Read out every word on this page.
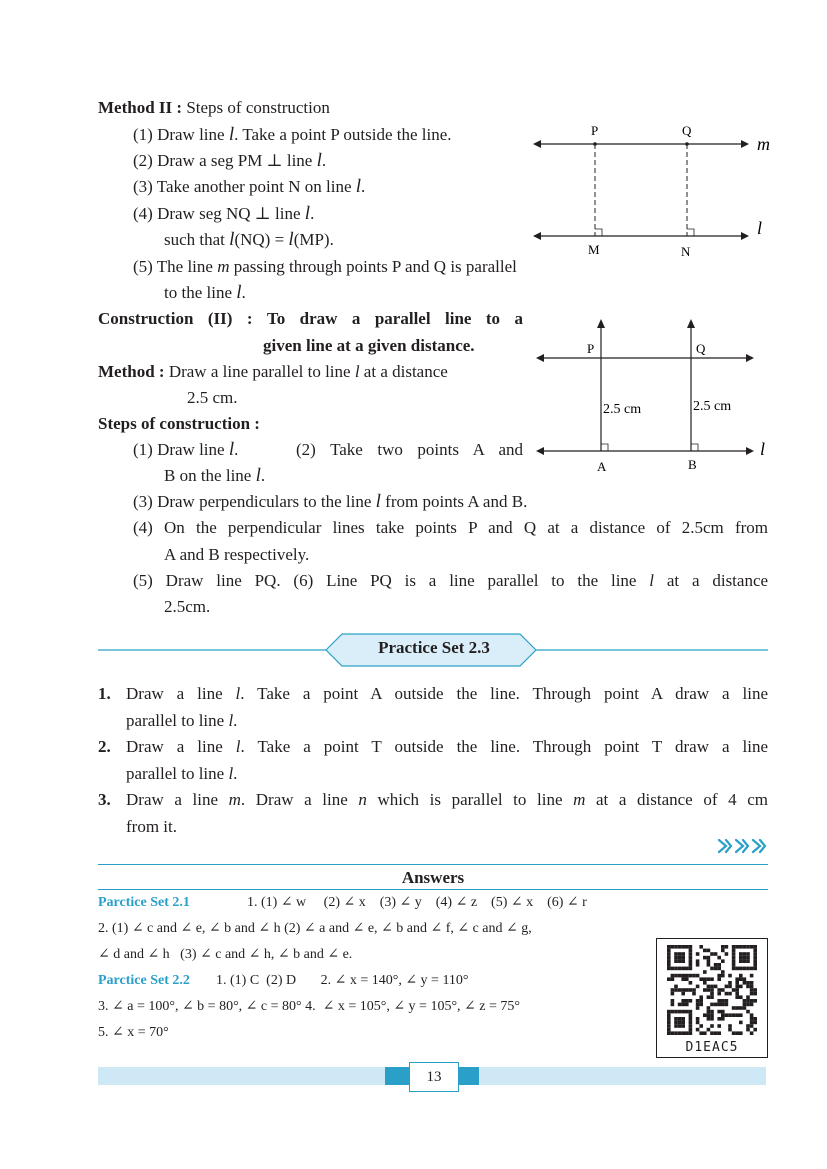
Method II : Steps of construction
(1) Draw line l. Take a point P outside the line.
(2) Draw a seg PM ⊥ line l.
(3) Take another point N on line l.
(4) Draw seg NQ ⊥ line l.
such that l(NQ) = l(MP).
(5) The line m passing through points P and Q is parallel
to the line l.
P	Q
M	N
m
l
Construction (II) : To draw a parallel line to a
given line at a given distance.
Method : Draw a line parallel to line l at a distance
2.5 cm.
Steps of construction :
(1) Draw line l.	(2) Take two points A and
B on the line l.
(3) Draw perpendiculars to the line l from points A and B.
(4) On the perpendicular lines take points P and Q at a distance of 2.5cm from
A and B respectively.
(5) Draw line PQ. (6) Line PQ is a line parallel to the line l at a distance
2.5cm.
P	Q
A	B
l
2.5 cm	2.5 cm
Practice Set 2.3
1. Draw a line l. Take a point A outside the line. Through point A draw a line
parallel to line l.
2. Draw a line l. Take a point T outside the line. Through point T draw a line
parallel to line l.
3. Draw a line m. Draw a line n which is parallel to line m at a distance of 4 cm
from it.
Answers
Parctice Set 2.1	1. (1) ∠ w     (2) ∠ x    (3) ∠ y    (4) ∠ z    (5) ∠ x    (6) ∠ r
2. (1) ∠ c and ∠ e, ∠ b and ∠ h (2) ∠ a and ∠ e, ∠ b and ∠ f, ∠ c and ∠ g,
∠ d and ∠ h   (3) ∠ c and ∠ h, ∠ b and ∠ e.
Parctice Set 2.2 1. (1) C  (2) D       2. ∠ x = 140°, ∠ y = 110°
3. ∠ a = 100°, ∠ b = 80°, ∠ c = 80° 4.  ∠ x = 105°, ∠ y = 105°, ∠ z = 75°
5. ∠ x = 70°
D1EAC5
13
